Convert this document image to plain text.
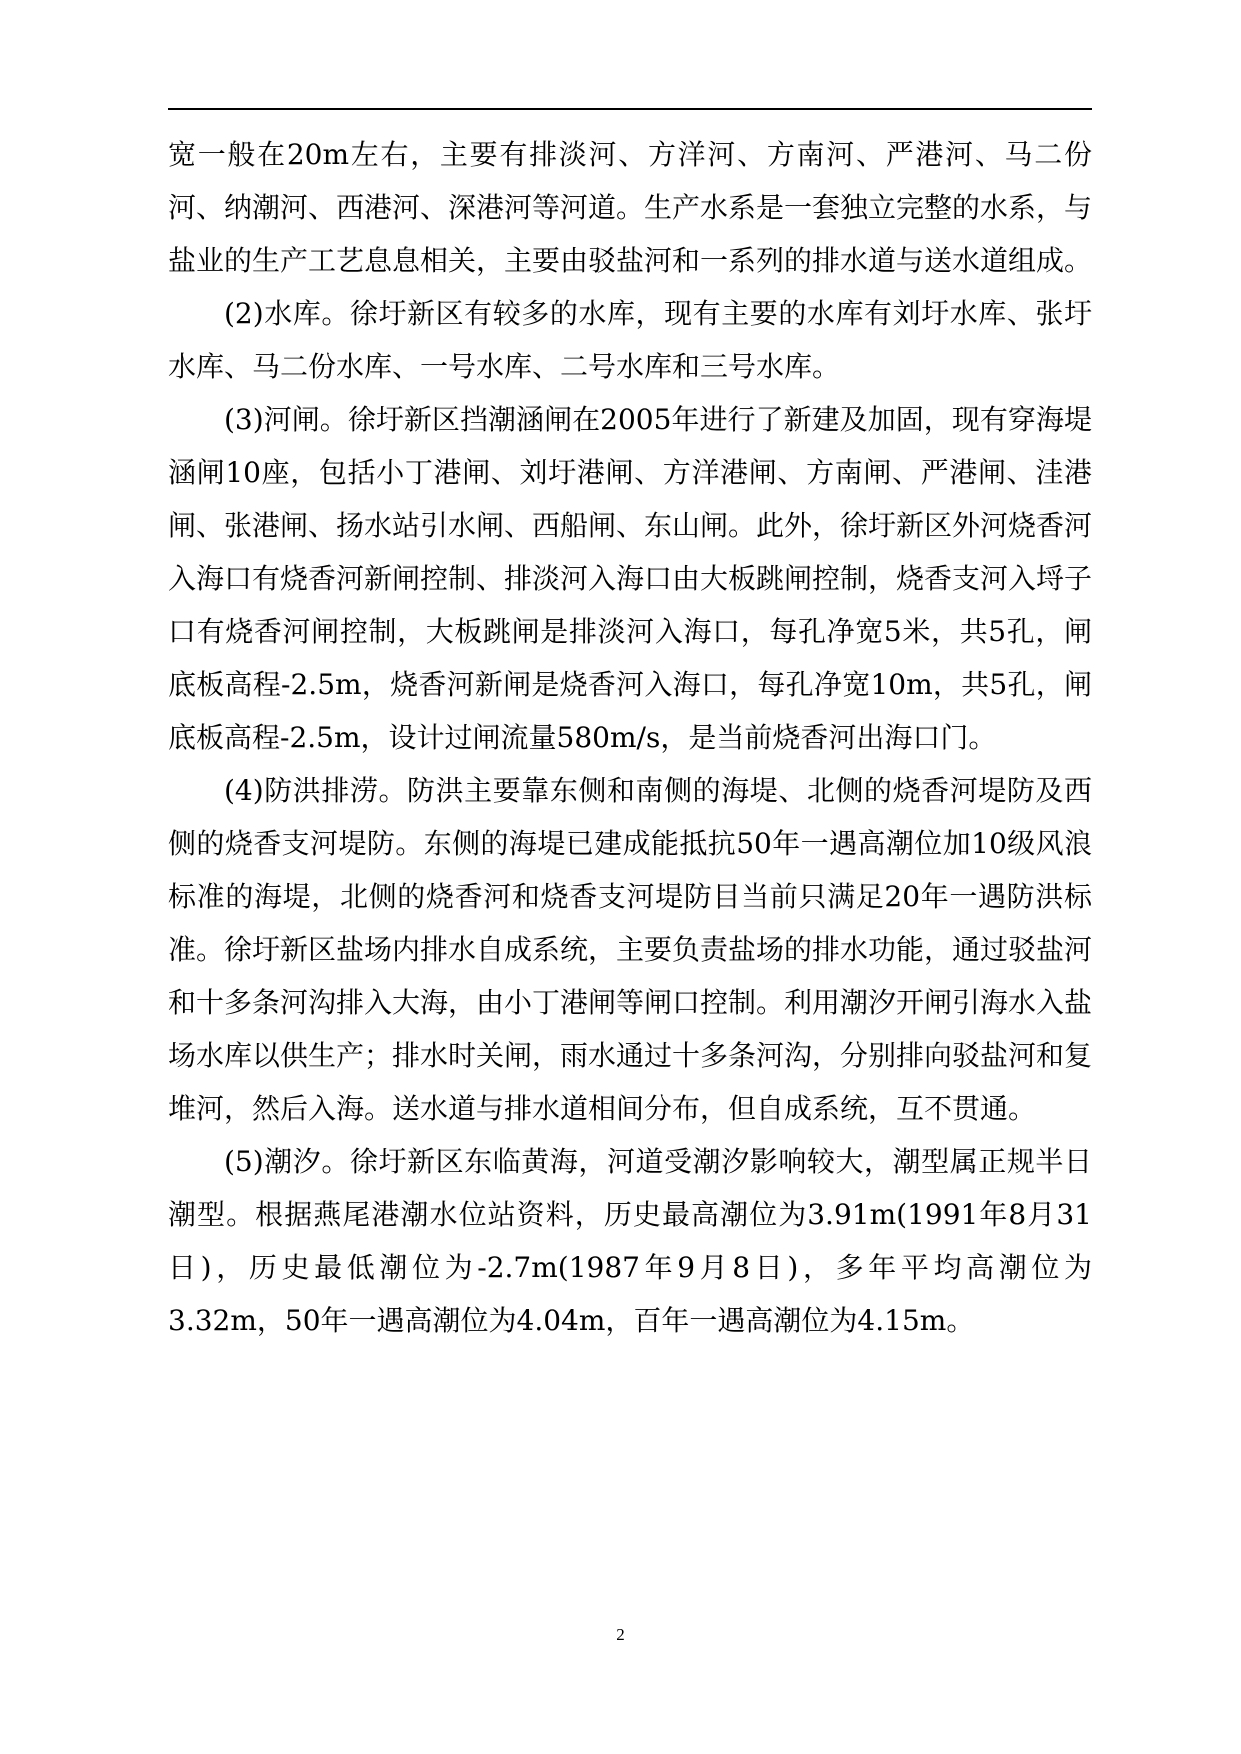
宽一般在20m左右，主要有排淡河、方洋河、方南河、严港河、马二份河、纳潮河、西港河、深港河等河道。生产水系是一套独立完整的水系，与盐业的生产工艺息息相关，主要由驳盐河和一系列的排水道与送水道组成。

(2)水库。徐圩新区有较多的水库，现有主要的水库有刘圩水库、张圩水库、马二份水库、一号水库、二号水库和三号水库。

(3)河闸。徐圩新区挡潮涵闸在2005年进行了新建及加固，现有穿海堤涵闸10座，包括小丁港闸、刘圩港闸、方洋港闸、方南闸、严港闸、洼港闸、张港闸、扬水站引水闸、西船闸、东山闸。此外，徐圩新区外河烧香河入海口有烧香河新闸控制、排淡河入海口由大板跳闸控制，烧香支河入埒子口有烧香河闸控制，大板跳闸是排淡河入海口，每孔净宽5米，共5孔，闸底板高程-2.5m，烧香河新闸是烧香河入海口，每孔净宽10m，共5孔，闸底板高程-2.5m，设计过闸流量580m/s，是当前烧香河出海口门。

(4)防洪排涝。防洪主要靠东侧和南侧的海堤、北侧的烧香河堤防及西侧的烧香支河堤防。东侧的海堤已建成能抵抗50年一遇高潮位加10级风浪标准的海堤，北侧的烧香河和烧香支河堤防目当前只满足20年一遇防洪标准。徐圩新区盐场内排水自成系统，主要负责盐场的排水功能，通过驳盐河和十多条河沟排入大海，由小丁港闸等闸口控制。利用潮汐开闸引海水入盐场水库以供生产；排水时关闸，雨水通过十多条河沟，分别排向驳盐河和复堆河，然后入海。送水道与排水道相间分布，但自成系统，互不贯通。

(5)潮汐。徐圩新区东临黄海，河道受潮汐影响较大，潮型属正规半日潮型。根据燕尾港潮水位站资料，历史最高潮位为3.91m(1991年8月31日)，历史最低潮位为-2.7m(1987年9月8日)，多年平均高潮位为3.32m，50年一遇高潮位为4.04m，百年一遇高潮位为4.15m。

2
